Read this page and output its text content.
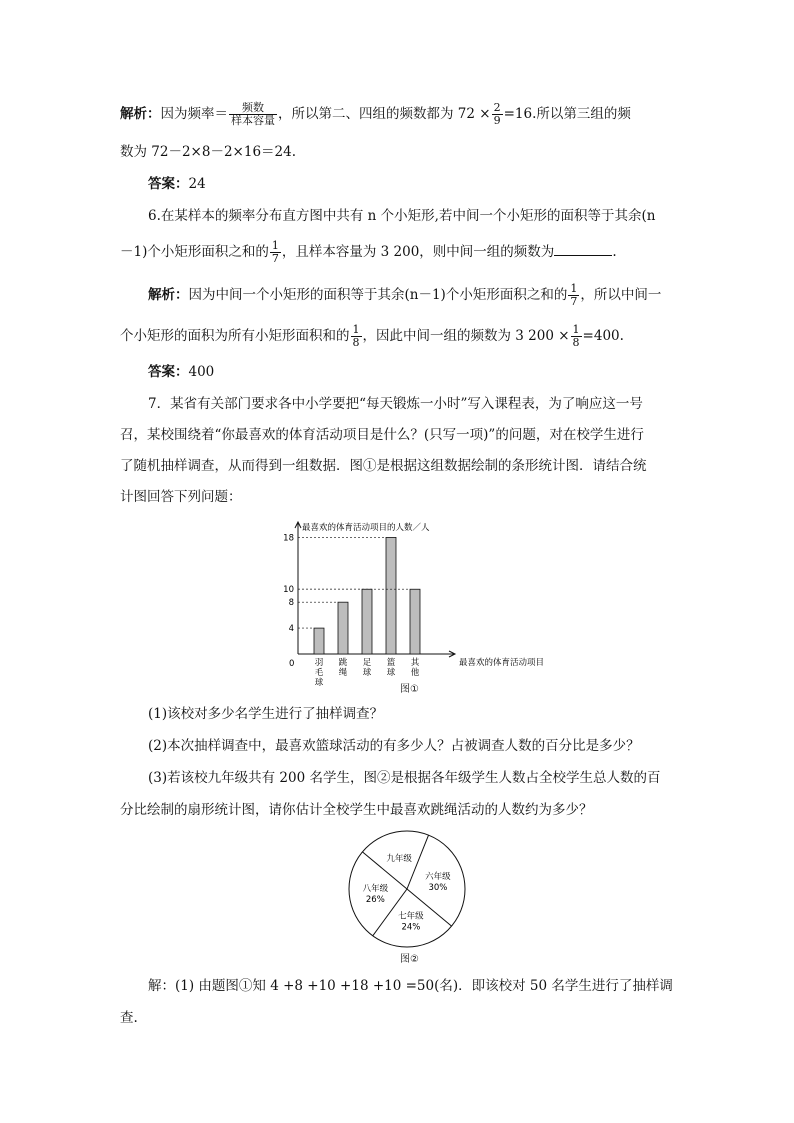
解析：因为频率＝ $\frac{\text{频数}}{\text{样本容量}}$ ，所以第二、四组的频数都为 $72 \times \frac{2}{9} =16$.所以第三组的频
数为 72－2×8－2×16＝24.
答案：24
6.在某样本的频率分布直方图中共有 n 个小矩形,若中间一个小矩形的面积等于其余(n
－1)个小矩形面积之和的 $\frac{1}{7}$ ，且样本容量为 3 200，则中间一组的频数为	.
解析：因为中间一个小矩形的面积等于其余(n－1)个小矩形面积之和的 $\frac{1}{7}$ ，所以中间一
个小矩形的面积为所有小矩形面积和的 $\frac{1}{8}$ ，因此中间一组的频数为 3 $200 \times \frac{1}{8} =400$.
答案：400
7．某省有关部门要求各中小学要把“每天锻炼一小时”写入课程表，为了响应这一号
召，某校围绕着“你最喜欢的体育活动项目是什么？(只写一项)”的问题，对在校学生进行
了随机抽样调查，从而得到一组数据．图①是根据这组数据绘制的条形统计图．请结合统
计图回答下列问题：
最喜欢的体育活动项目的人数／人
最喜欢的体育活动项目
0
4
8
10
18
羽
毛
球
跳
绳
足
球
篮
球
其
他
图①
(1)该校对多少名学生进行了抽样调查？
(2)本次抽样调查中，最喜欢篮球活动的有多少人？占被调查人数的百分比是多少？
(3)若该校九年级共有 200 名学生，图②是根据各年级学生人数占全校学生总人数的百
分比绘制的扇形统计图，请你估计全校学生中最喜欢跳绳活动的人数约为多少？
六年级
30%
七年级
24%
八年级
26%
九年级
图②
解：(1) 由题图①知 4 +8 +10 +18 +10 =50(名)．即该校对 50 名学生进行了抽样调
查.
